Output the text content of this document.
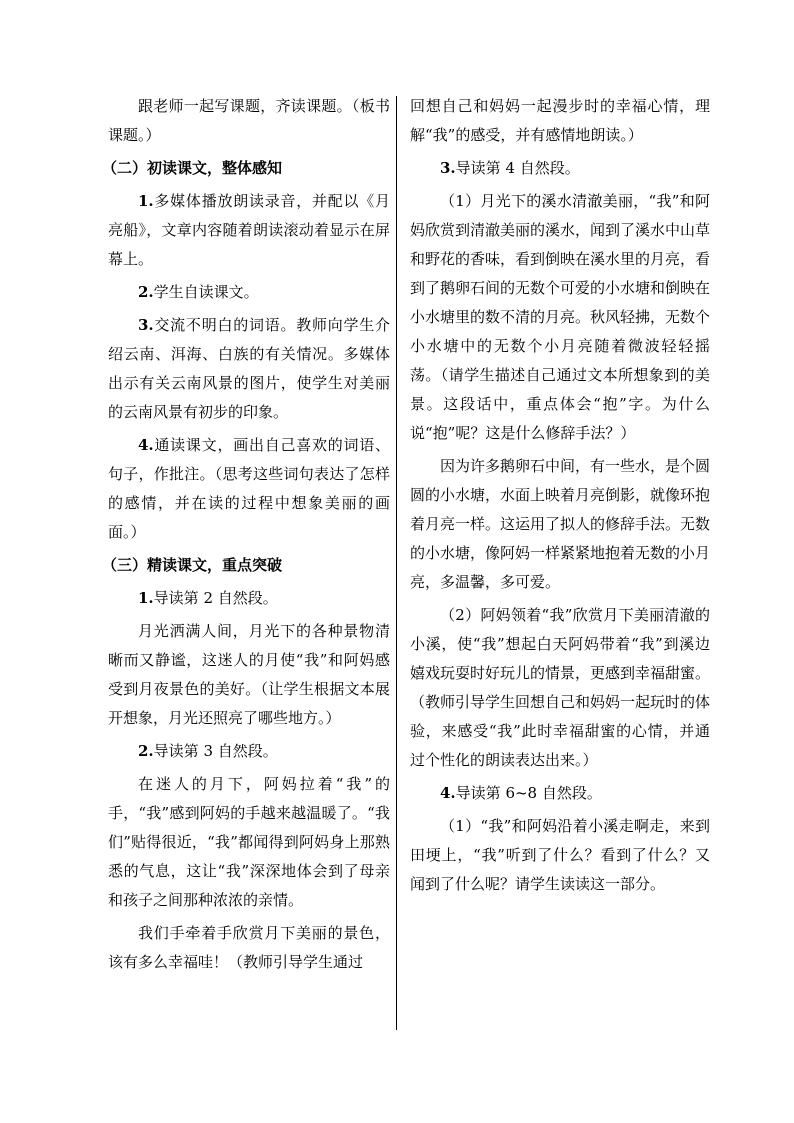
跟老师一起写课题，齐读课题。（板书课题。）

（二）初读课文，整体感知

1.多媒体播放朗读录音，并配以《月亮船》，文章内容随着朗读滚动着显示在屏幕上。

2.学生自读课文。

3.交流不明白的词语。教师向学生介绍云南、洱海、白族的有关情况。多媒体出示有关云南风景的图片，使学生对美丽的云南风景有初步的印象。

4.通读课文，画出自己喜欢的词语、句子，作批注。（思考这些词句表达了怎样的感情，并在读的过程中想象美丽的画面。）

（三）精读课文，重点突破

1.导读第 2 自然段。

月光洒满人间，月光下的各种景物清晰而又静谧，这迷人的月使“我”和阿妈感受到月夜景色的美好。（让学生根据文本展开想象，月光还照亮了哪些地方。）

2.导读第 3 自然段。

在迷人的月下，阿妈拉着“我”的手，“我”感到阿妈的手越来越温暖了。“我们”贴得很近，“我”都闻得到阿妈身上那熟悉的气息，这让“我”深深地体会到了母亲和孩子之间那种浓浓的亲情。

我们手牵着手欣赏月下美丽的景色，该有多么幸福哇！（教师引导学生通过

回想自己和妈妈一起漫步时的幸福心情，理解“我”的感受，并有感情地朗读。）

3.导读第 4 自然段。

（1）月光下的溪水清澈美丽，“我”和阿妈欣赏到清澈美丽的溪水，闻到了溪水中山草和野花的香味，看到倒映在溪水里的月亮，看到了鹅卵石间的无数个可爱的小水塘和倒映在小水塘里的数不清的月亮。秋风轻拂，无数个小水塘中的无数个小月亮随着微波轻轻摇荡。（请学生描述自己通过文本所想象到的美景。这段话中，重点体会“抱”字。为什么说“抱”呢？这是什么修辞手法？）

因为许多鹅卵石中间，有一些水，是个圆圆的小水塘，水面上映着月亮倒影，就像环抱着月亮一样。这运用了拟人的修辞手法。无数的小水塘，像阿妈一样紧紧地抱着无数的小月亮，多温馨，多可爱。

（2）阿妈领着“我”欣赏月下美丽清澈的小溪，使“我”想起白天阿妈带着“我”到溪边嬉戏玩耍时好玩儿的情景，更感到幸福甜蜜。（教师引导学生回想自己和妈妈一起玩时的体验，来感受“我”此时幸福甜蜜的心情，并通过个性化的朗读表达出来。）

4.导读第 6~8 自然段。

（1）“我”和阿妈沿着小溪走啊走，来到田埂上，“我”听到了什么？看到了什么？又闻到了什么呢？请学生读读这一部分。
